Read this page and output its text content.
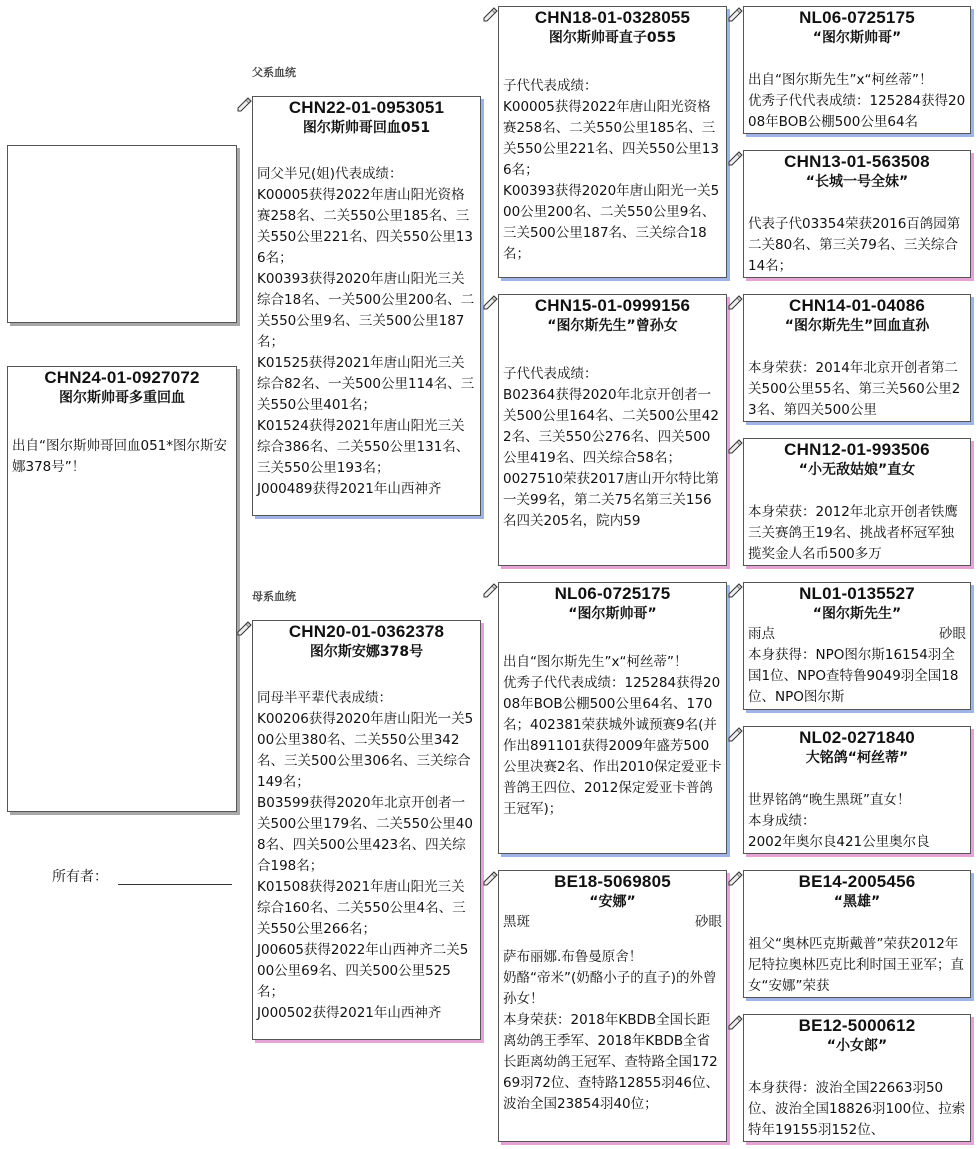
父系血统
母系血统
CHN24-01-0927072
图尔斯帅哥多重回血
出自“图尔斯帅哥回血051*图尔斯安娜378号”！
所有者：
CHN22-01-0953051
图尔斯帅哥回血051
同父半兄(姐)代表成绩：
K00005获得2022年唐山阳光资格赛258名、二关550公里185名、三关550公里221名、四关550公里136名；
K00393获得2020年唐山阳光三关综合18名、一关500公里200名、二关550公里9名、三关500公里187名；
K01525获得2021年唐山阳光三关综合82名、一关500公里114名、三关550公里401名；
K01524获得2021年唐山阳光三关综合386名、二关550公里131名、三关550公里193名；
J000489获得2021年山西神齐
CHN20-01-0362378
图尔斯安娜378号
同母半平辈代表成绩：
K00206获得2020年唐山阳光一关500公里380名、二关550公里342名、三关500公里306名、三关综合149名；
B03599获得2020年北京开创者一关500公里179名、二关550公里408名、四关500公里423名、四关综合198名；
K01508获得2021年唐山阳光三关综合160名、二关550公里4名、三关550公里266名；
J00605获得2022年山西神齐二关500公里69名、四关500公里525名；
J000502获得2021年山西神齐
CHN18-01-0328055
图尔斯帅哥直子055
子代代表成绩：
K00005获得2022年唐山阳光资格赛258名、二关550公里185名、三关550公里221名、四关550公里136名；
K00393获得2020年唐山阳光一关500公里200名、二关550公里9名、三关500公里187名、三关综合18名；
CHN15-01-0999156
“图尔斯先生”曾孙女
子代代表成绩：
B02364获得2020年北京开创者一关500公里164名、二关500公里422名、三关550公276名、四关500公里419名、四关综合58名；
0027510荣获2017唐山开尔特比第一关99名，第二关75名第三关156名四关205名，院内59
NL06-0725175
“图尔斯帅哥”
出自“图尔斯先生”x“柯丝蒂”！
优秀子代代表成绩：125284获得2008年BOB公棚500公里64名、170名；402381荣获城外诚预赛9名(并作出891101获得2009年盛芳500公里决赛2名、作出2010保定爱亚卡普鸽王四位、2012保定爱亚卡普鸽王冠军)；
BE18-5069805
“安娜”
黑斑	砂眼
萨布丽娜.布鲁曼原舍！
奶酪“帝米”(奶酪小子的直子)的外曾孙女！
本身荣获：2018年KBDB全国长距离幼鸽王季军、2018年KBDB全省长距离幼鸽王冠军、查特路全国17269羽72位、查特路12855羽46位、波治全国23854羽40位；
NL06-0725175
“图尔斯帅哥”
出自“图尔斯先生”x“柯丝蒂”！
优秀子代代表成绩：125284获得2008年BOB公棚500公里64名
CHN13-01-563508
“长城一号全妹”
代表子代03354荣获2016百鸽园第二关80名、第三关79名、三关综合14名；
CHN14-01-04086
“图尔斯先生”回血直孙
本身荣获：2014年北京开创者第二关500公里55名、第三关560公里23名、第四关500公里
CHN12-01-993506
“小无敌姑娘”直女
本身荣获：2012年北京开创者铁鹰三关赛鸽王19名、挑战者杯冠军独揽奖金人名币500多万
NL01-0135527
“图尔斯先生”
雨点	砂眼
本身获得：NPO图尔斯16154羽全国1位、NPO查特鲁9049羽全国18位、NPO图尔斯
NL02-0271840
大铭鸽“柯丝蒂”
世界铭鸽“晚生黑斑”直女！
本身成绩：
2002年奥尔良421公里奥尔良
BE14-2005456
“黑雄”
祖父“奥林匹克斯戴普”荣获2012年尼特拉奥林匹克比利时国王亚军；直女“安娜”荣获
BE12-5000612
“小女郎”
本身获得：波治全国22663羽50位、波治全国18826羽100位、拉索特年19155羽152位、
